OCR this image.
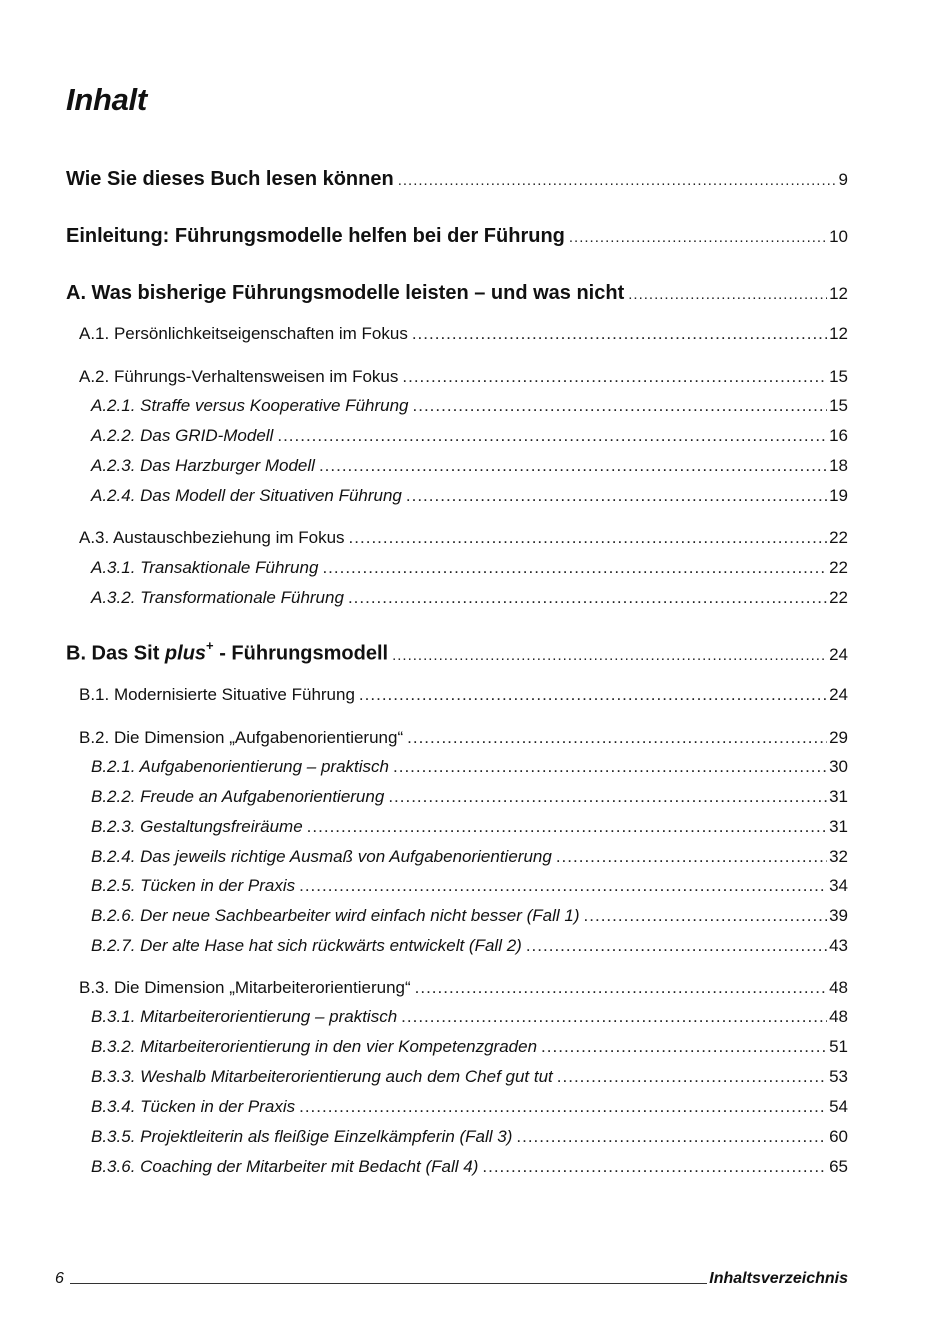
Inhalt
Wie Sie dieses Buch lesen können .....	9
Einleitung: Führungsmodelle helfen bei der Führung .....	10
A. Was bisherige Führungsmodelle leisten – und was nicht .....	12
A.1. Persönlichkeitseigenschaften im Fokus .....	12
A.2. Führungs-Verhaltensweisen im Fokus .....	15
A.2.1. Straffe versus Kooperative Führung .....	15
A.2.2. Das GRID-Modell .....	16
A.2.3. Das Harzburger Modell .....	18
A.2.4. Das Modell der Situativen Führung .....	19
A.3. Austauschbeziehung im Fokus .....	22
A.3.1. Transaktionale Führung .....	22
A.3.2. Transformationale Führung .....	22
B. Das Sit plus+ - Führungsmodell .....	24
B.1. Modernisierte Situative Führung .....	24
B.2. Die Dimension „Aufgabenorientierung“ .....	29
B.2.1. Aufgabenorientierung – praktisch .....	30
B.2.2. Freude an Aufgabenorientierung .....	31
B.2.3. Gestaltungsfreiräume .....	31
B.2.4. Das jeweils richtige Ausmaß von Aufgabenorientierung .....	32
B.2.5. Tücken in der Praxis .....	34
B.2.6. Der neue Sachbearbeiter wird einfach nicht besser (Fall 1) .....	39
B.2.7. Der alte Hase hat sich rückwärts entwickelt (Fall 2) .....	43
B.3. Die Dimension „Mitarbeiterorientierung“ .....	48
B.3.1. Mitarbeiterorientierung – praktisch .....	48
B.3.2. Mitarbeiterorientierung in den vier Kompetenzgraden .....	51
B.3.3. Weshalb Mitarbeiterorientierung auch dem Chef gut tut .....	53
B.3.4. Tücken in der Praxis .....	54
B.3.5. Projektleiterin als fleißige Einzelkämpferin (Fall 3) .....	60
B.3.6. Coaching der Mitarbeiter mit Bedacht (Fall 4) .....	65
6	Inhaltsverzeichnis
